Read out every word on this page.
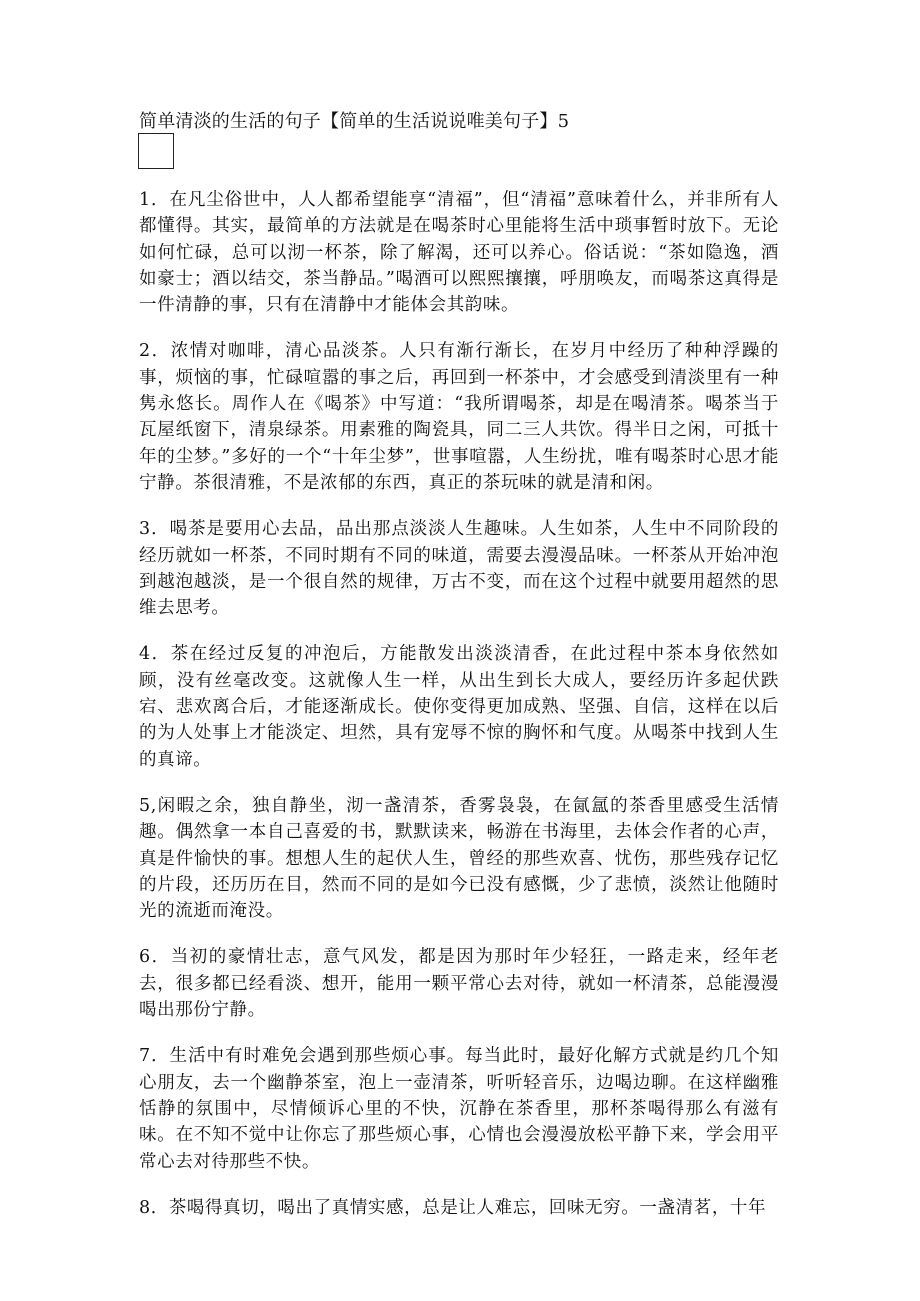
简单清淡的生活的句子【简单的生活说说唯美句子】5

1．在凡尘俗世中，人人都希望能享“清福”，但“清福”意味着什么，并非所有人都懂得。其实，最简单的方法就是在喝茶时心里能将生活中琐事暂时放下。无论如何忙碌，总可以沏一杯茶，除了解渴，还可以养心。俗话说：“茶如隐逸，酒如豪士；酒以结交，茶当静品。”喝酒可以熙熙攘攘，呼朋唤友，而喝茶这真得是一件清静的事，只有在清静中才能体会其韵味。

2．浓情对咖啡，清心品淡茶。人只有渐行渐长，在岁月中经历了种种浮躁的事，烦恼的事，忙碌喧嚣的事之后，再回到一杯茶中，才会感受到清淡里有一种隽永悠长。周作人在《喝茶》中写道：“我所谓喝茶，却是在喝清茶。喝茶当于瓦屋纸窗下，清泉绿茶。用素雅的陶瓷具，同二三人共饮。得半日之闲，可抵十年的尘梦。”多好的一个“十年尘梦”，世事喧嚣，人生纷扰，唯有喝茶时心思才能宁静。茶很清雅，不是浓郁的东西，真正的茶玩味的就是清和闲。

3．喝茶是要用心去品，品出那点淡淡人生趣味。人生如茶，人生中不同阶段的经历就如一杯茶，不同时期有不同的味道，需要去漫漫品味。一杯茶从开始冲泡到越泡越淡，是一个很自然的规律，万古不变，而在这个过程中就要用超然的思维去思考。

4．茶在经过反复的冲泡后，方能散发出淡淡清香，在此过程中茶本身依然如顾，没有丝毫改变。这就像人生一样，从出生到长大成人，要经历许多起伏跌宕、悲欢离合后，才能逐渐成长。使你变得更加成熟、坚强、自信，这样在以后的为人处事上才能淡定、坦然，具有宠辱不惊的胸怀和气度。从喝茶中找到人生的真谛。

5,闲暇之余，独自静坐，沏一盏清茶，香雾袅袅，在氤氲的茶香里感受生活情趣。偶然拿一本自己喜爱的书，默默读来，畅游在书海里，去体会作者的心声，真是件愉快的事。想想人生的起伏人生，曾经的那些欢喜、忧伤，那些残存记忆的片段，还历历在目，然而不同的是如今已没有感慨，少了悲愤，淡然让他随时光的流逝而淹没。

6．当初的豪情壮志，意气风发，都是因为那时年少轻狂，一路走来，经年老去，很多都已经看淡、想开，能用一颗平常心去对待，就如一杯清茶，总能漫漫喝出那份宁静。

7．生活中有时难免会遇到那些烦心事。每当此时，最好化解方式就是约几个知心朋友，去一个幽静茶室，泡上一壶清茶，听听轻音乐，边喝边聊。在这样幽雅恬静的氛围中，尽情倾诉心里的不快，沉静在茶香里，那杯茶喝得那么有滋有味。在不知不觉中让你忘了那些烦心事，心情也会漫漫放松平静下来，学会用平常心去对待那些不快。

8．茶喝得真切，喝出了真情实感，总是让人难忘，回味无穷。一盏清茗，十年
